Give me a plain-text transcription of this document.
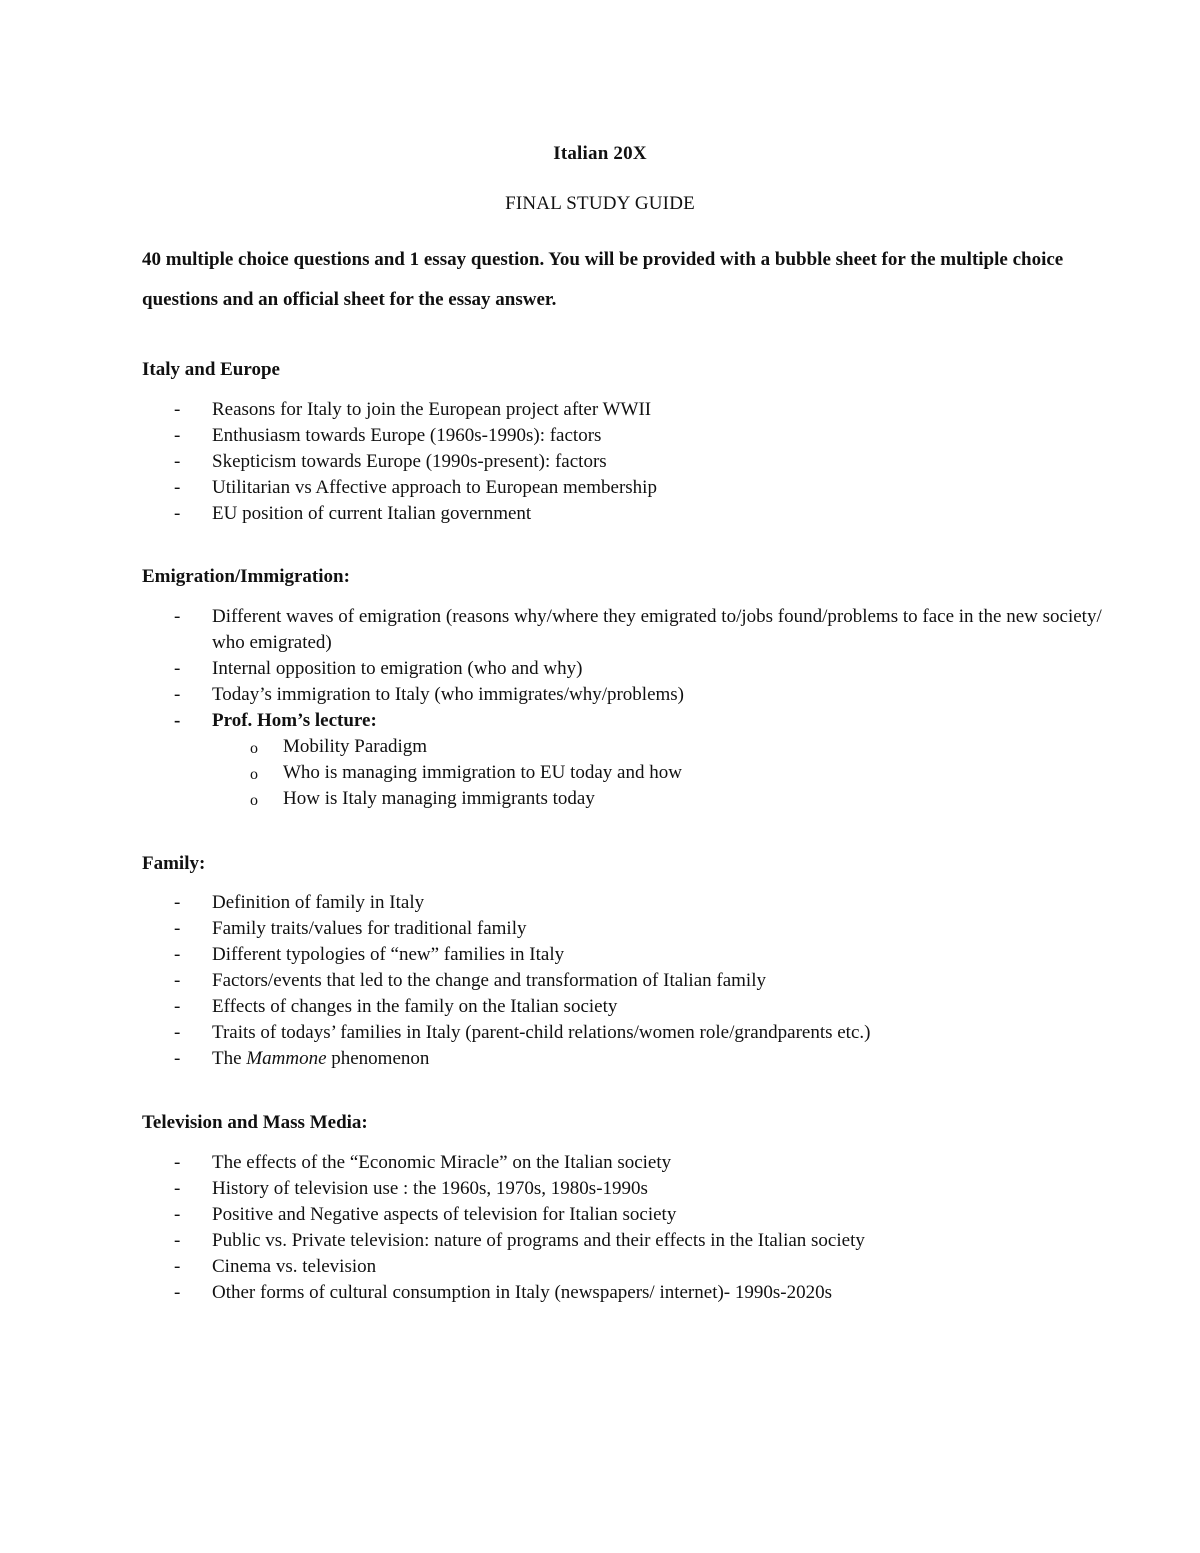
Italian 20X
FINAL STUDY GUIDE
40 multiple choice questions and 1 essay question. You will be provided with a bubble sheet for the multiple choice questions and an official sheet for the essay answer.
Italy and Europe
- Reasons for Italy to join the European project after WWII
- Enthusiasm towards Europe (1960s-1990s): factors
- Skepticism towards Europe (1990s-present): factors
- Utilitarian vs Affective approach to European membership
- EU position of current Italian government
Emigration/Immigration:
- Different waves of emigration (reasons why/where they emigrated to/jobs found/problems to face in the new society/ who emigrated)
- Internal opposition to emigration (who and why)
- Today’s immigration to Italy (who immigrates/why/problems)
- Prof. Hom’s lecture:
o Mobility Paradigm
o Who is managing immigration to EU today and how
o How is Italy managing immigrants today
Family:
- Definition of family in Italy
- Family traits/values for traditional family
- Different typologies of “new” families in Italy
- Factors/events that led to the change and transformation of Italian family
- Effects of changes in the family on the Italian society
- Traits of todays’ families in Italy (parent-child relations/women role/grandparents etc.)
- The Mammone phenomenon
Television and Mass Media:
- The effects of the “Economic Miracle” on the Italian society
- History of television use : the 1960s, 1970s, 1980s-1990s
- Positive and Negative aspects of television for Italian society
- Public vs. Private television: nature of programs and their effects in the Italian society
- Cinema vs. television
- Other forms of cultural consumption in Italy (newspapers/ internet)- 1990s-2020s
